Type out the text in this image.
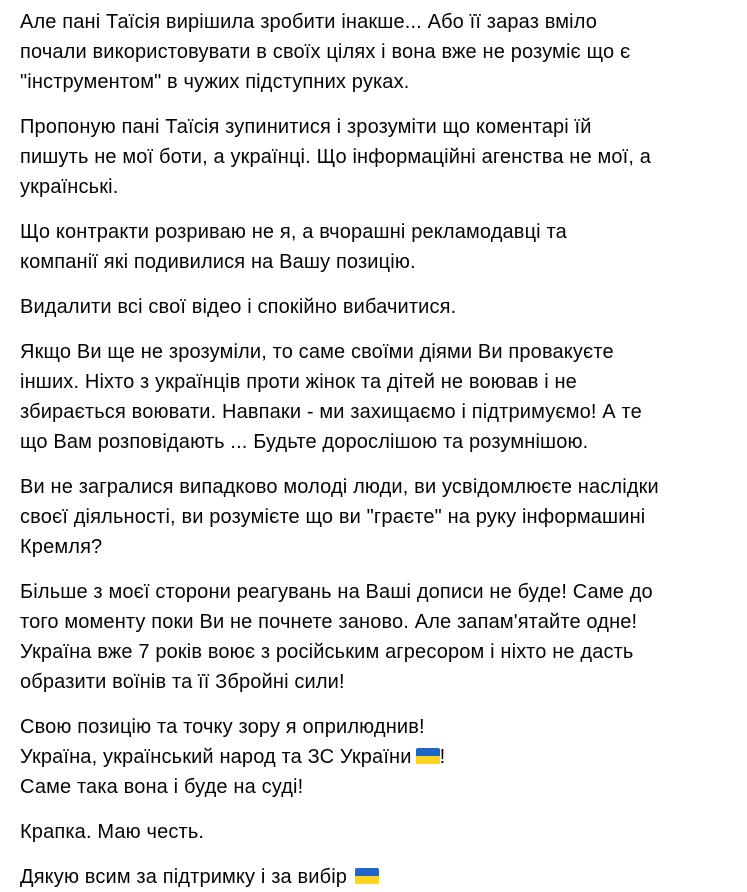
Але пані Таїсія вирішила зробити інакше... Або її зараз вміло
почали використовувати в своїх цілях і вона вже не розуміє що є
"інструментом" в чужих підступних руках.

Пропоную пані Таїсія зупинитися і зрозуміти що коментарі їй
пишуть не мої боти, а українці. Що інформаційні агенства не мої, а
українські.

Що контракти розриваю не я, а вчорашні рекламодавці та
компанії які подивилися на Вашу позицію.

Видалити всі свої відео і спокійно вибачитися.

Якщо Ви ще не зрозуміли, то саме своїми діями Ви провакуєте
інших. Ніхто з українців проти жінок та дітей не воював і не
збирається воювати. Навпаки - ми захищаємо і підтримуємо! А те
що Вам розповідають ... Будьте дорослішою та розумнішою.

Ви не загралися випадково молоді люди, ви усвідомлюєте наслідки
своєї діяльності, ви розумієте що ви "граєте" на руку інформашині
Кремля?

Більше з моєї сторони реагувань на Ваші дописи не буде! Саме до
того моменту поки Ви не почнете заново. Але запам'ятайте одне!
Україна вже 7 років воює з російським агресором і ніхто не дасть
образити воїнів та її Збройні сили!

Свою позицію та точку зору я оприлюднив!
Україна, український народ та ЗС України !
Саме така вона і буде на суді!

Крапка. Маю честь.

Дякую всим за підтримку і за вибір
